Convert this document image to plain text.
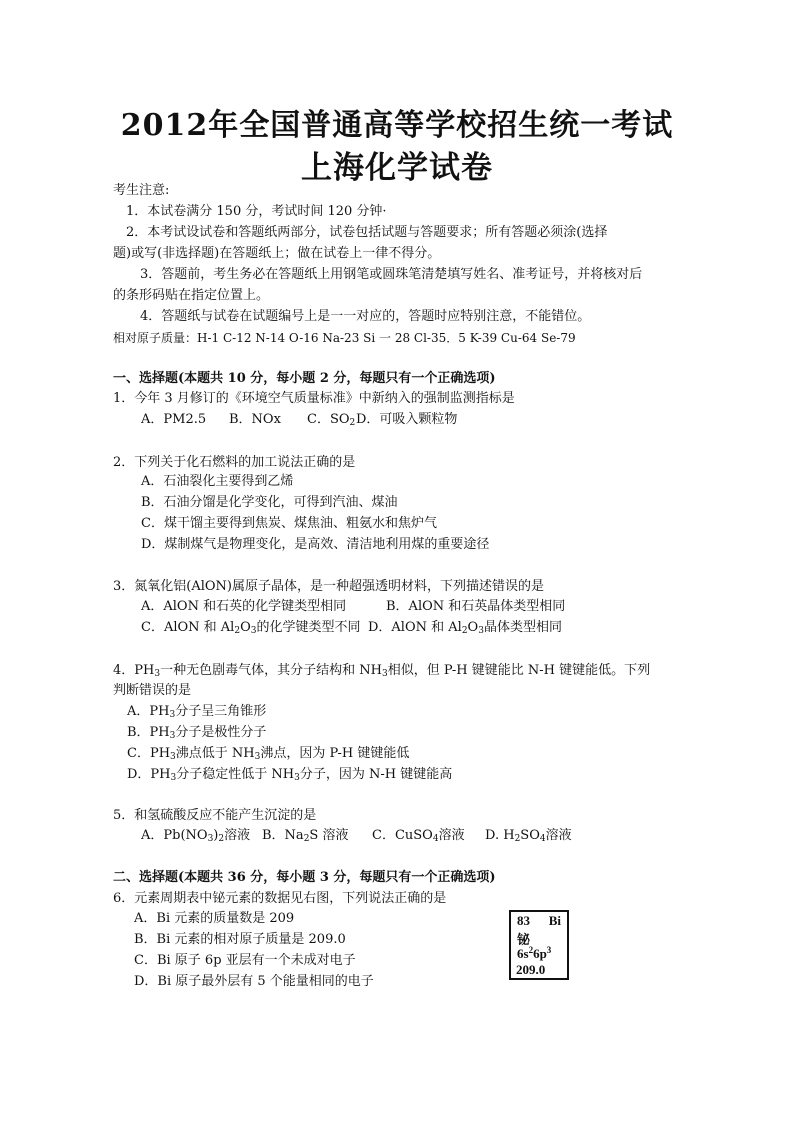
2012年全国普通高等学校招生统一考试
上海化学试卷
考生注意:
1．本试卷满分 150 分，考试时间 120 分钟·
2．本考试设试卷和答题纸两部分，试卷包括试题与答题要求；所有答题必须涂(选择
题)或写(非选择题)在答题纸上；做在试卷上一律不得分。
3．答题前，考生务必在答题纸上用钢笔或圆珠笔清楚填写姓名、准考证号，并将核对后
的条形码贴在指定位置上。
4．答题纸与试卷在试题编号上是一一对应的，答题时应特别注意，不能错位。
相对原子质量：H-1 C-12 N-14 O-16 Na-23 Si 一 28 Cl-35．5 K-39 Cu-64 Se-79
一、选择题(本题共 10 分，每小题 2 分，每题只有一个正确选项)
1．今年 3 月修订的《环境空气质量标准》中新纳入的强制监测指标是
A．PM2.5 B．NOx C．$SO_2$ D．可吸入颗粒物
2．下列关于化石燃料的加工说法正确的是
A．石油裂化主要得到乙烯
B．石油分馏是化学变化，可得到汽油、煤油
C．煤干馏主要得到焦炭、煤焦油、粗氨水和焦炉气
D．煤制煤气是物理变化，是高效、清洁地利用煤的重要途径
3．氮氧化铝(AlON)属原子晶体，是一种超强透明材料，下列描述错误的是
A．AlON 和石英的化学键类型相同	B．AlON 和石英晶体类型相同
C．AlON 和 $Al_2O_3$的化学键类型不同 D．AlON 和 $Al_2O_3$晶体类型相同
4．$PH_3$一种无色剧毒气体，其分子结构和 $NH_3$相似，但 P-H 键键能比 N-H 键键能低。下列
判断错误的是
A．$PH_3$分子呈三角锥形
B．$PH_3$分子是极性分子
C．$PH_3$沸点低于 $NH_3$沸点，因为 P-H 键键能低
D．$PH_3$分子稳定性低于 $NH_3$分子，因为 N-H 键键能高
5．和氢硫酸反应不能产生沉淀的是
A．$Pb(NO_3)_2$溶液 B．$Na_2S$ 溶液 C．CuSO$_4$溶液 D. $H_2SO_4$溶液
二、选择题(本题共 36 分，每小题 3 分，每题只有一个正确选项)
6．元素周期表中铋元素的数据见右图，下列说法正确的是
A．Bi 元素的质量数是 209
B．Bi 元素的相对原子质量是 209.0
C．Bi 原子 6p 亚层有一个未成对电子
D．Bi 原子最外层有 5 个能量相同的电子
83 Bi
铋
$6s^26p^3$
209.0
